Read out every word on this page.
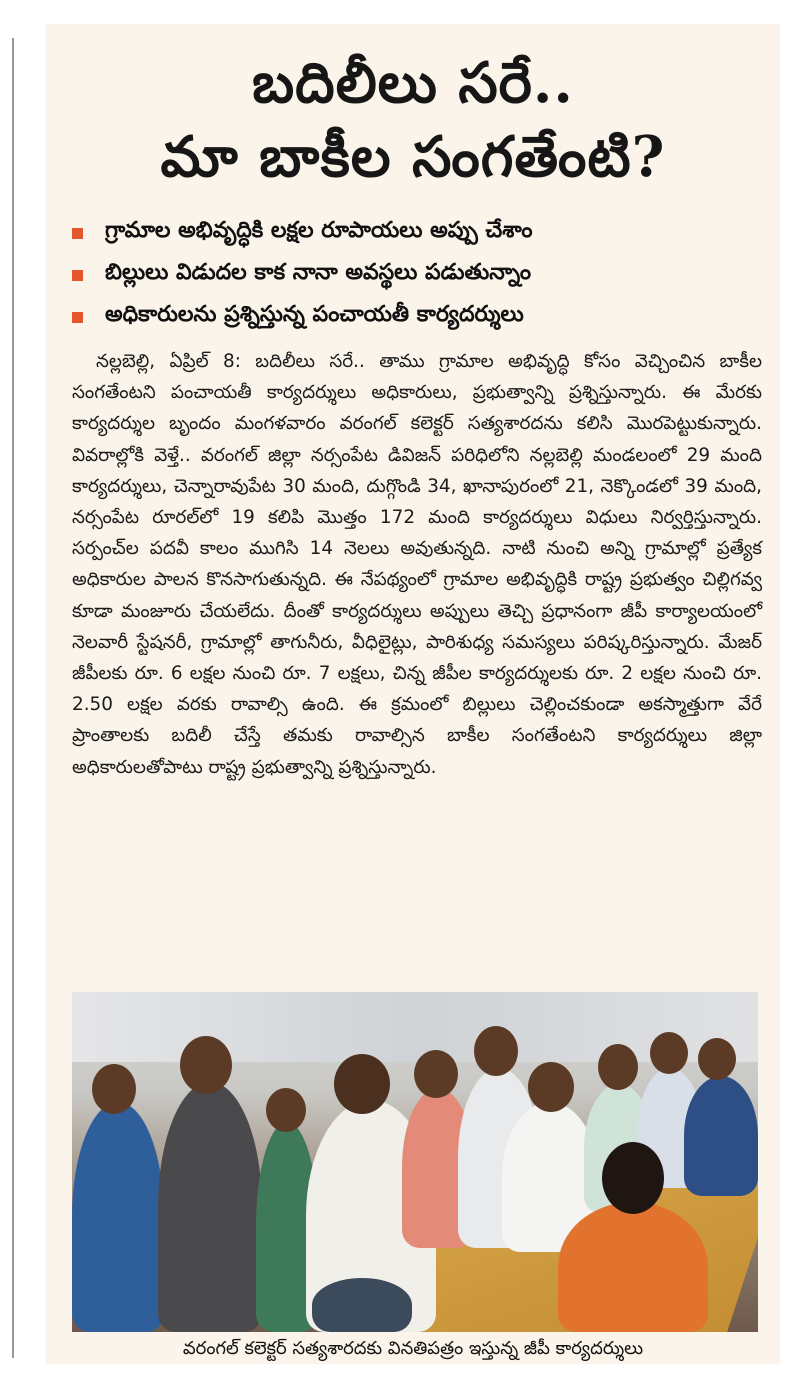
బదిలీలు సరే..
మా బాకీల సంగతేంటి?
గ్రామాల అభివృద్ధికి లక్షల రూపాయలు అప్పు చేశాం
బిల్లులు విడుదల కాక నానా అవస్థలు పడుతున్నాం
అధికారులను ప్రశ్నిస్తున్న పంచాయతీ కార్యదర్శులు
నల్లబెల్లి, ఏప్రిల్ 8: బదిలీలు సరే.. తాము గ్రామాల అభివృద్ధి కోసం వెచ్చించిన బాకీల సంగతేంటని పంచాయతీ కార్యదర్శులు అధికారులు, ప్రభుత్వాన్ని ప్రశ్నిస్తున్నారు. ఈ మేరకు కార్యదర్శుల బృందం మంగళవారం వరంగల్ కలెక్టర్ సత్యశారదను కలిసి మొరపెట్టుకున్నారు. వివరాల్లోకి వెళ్తే.. వరంగల్ జిల్లా నర్సంపేట డివిజన్ పరిధిలోని నల్లబెల్లి మండలంలో 29 మంది కార్యదర్శులు, చెన్నారావుపేట 30 మంది, దుగ్గొండి 34, ఖానాపురంలో 21, నెక్కొండలో 39 మంది, నర్సంపేట రూరల్‌లో 19 కలిపి మొత్తం 172 మంది కార్యదర్శులు విధులు నిర్వర్తిస్తున్నారు. సర్పంచ్‌ల పదవీ కాలం ముగిసి 14 నెలలు అవుతున్నది. నాటి నుంచి అన్ని గ్రామాల్లో ప్రత్యేక అధికారుల పాలన కొనసాగుతున్నది. ఈ నేపథ్యంలో గ్రామాల అభివృద్ధికి రాష్ట్ర ప్రభుత్వం చిల్లిగవ్వ కూడా మంజూరు చేయలేదు. దీంతో కార్యదర్శులు అప్పులు తెచ్చి ప్రధానంగా జీపీ కార్యాలయంలో నెలవారీ స్టేషనరీ, గ్రామాల్లో తాగునీరు, వీధిలైట్లు, పారిశుధ్య సమస్యలు పరిష్కరిస్తున్నారు. మేజర్ జీపీలకు రూ. 6 లక్షల నుంచి రూ. 7 లక్షలు, చిన్న జీపీల కార్యదర్శులకు రూ. 2 లక్షల నుంచి రూ. 2.50 లక్షల వరకు రావాల్సి ఉంది. ఈ క్రమంలో బిల్లులు చెల్లించకుండా అకస్మాత్తుగా వేరే ప్రాంతాలకు బదిలీ చేస్తే తమకు రావాల్సిన బాకీల సంగతేంటని కార్యదర్శులు జిల్లా అధికారులతోపాటు రాష్ట్ర ప్రభుత్వాన్ని ప్రశ్నిస్తున్నారు.
వరంగల్ కలెక్టర్ సత్యశారదకు వినతిపత్రం ఇస్తున్న జీపీ కార్యదర్శులు
